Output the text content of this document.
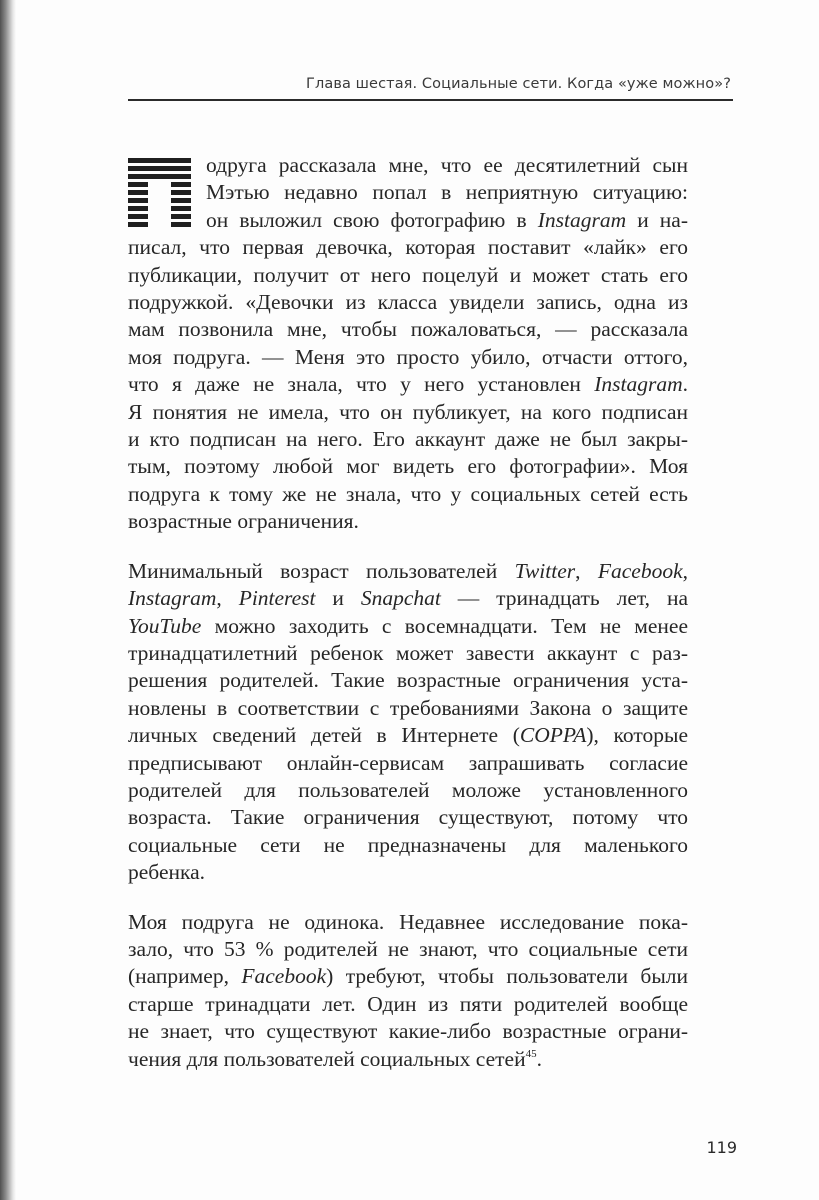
Глава шестая. Социальные сети. Когда «уже можно»?

одруга рассказала мне, что ее десятилетний сын
Мэтью недавно попал в неприятную ситуацию:
он выложил свою фотографию в Instagram и на-
писал, что первая девочка, которая поставит «лайк» его
публикации, получит от него поцелуй и может стать его
подружкой. «Девочки из класса увидели запись, одна из
мам позвонила мне, чтобы пожаловаться, — рассказала
моя подруга. — Меня это просто убило, отчасти оттого,
что я даже не знала, что у него установлен Instagram.
Я понятия не имела, что он публикует, на кого подписан
и кто подписан на него. Его аккаунт даже не был закры-
тым, поэтому любой мог видеть его фотографии». Моя
подруга к тому же не знала, что у социальных сетей есть
возрастные ограничения.

Минимальный возраст пользователей Twitter, Facebook,
Instagram, Pinterest и Snapchat — тринадцать лет, на
YouTube можно заходить с восемнадцати. Тем не менее
тринадцатилетний ребенок может завести аккаунт с раз-
решения родителей. Такие возрастные ограничения уста-
новлены в соответствии с требованиями Закона о защите
личных сведений детей в Интернете (COPPA), которые
предписывают онлайн-сервисам запрашивать согласие
родителей для пользователей моложе установленного
возраста. Такие ограничения существуют, потому что
социальные сети не предназначены для маленького
ребенка.

Моя подруга не одинока. Недавнее исследование пока-
зало, что 53 % родителей не знают, что социальные сети
(например, Facebook) требуют, чтобы пользователи были
старше тринадцати лет. Один из пяти родителей вообще
не знает, что существуют какие-либо возрастные ограни-
чения для пользователей социальных сетей$^{45}$.

119
